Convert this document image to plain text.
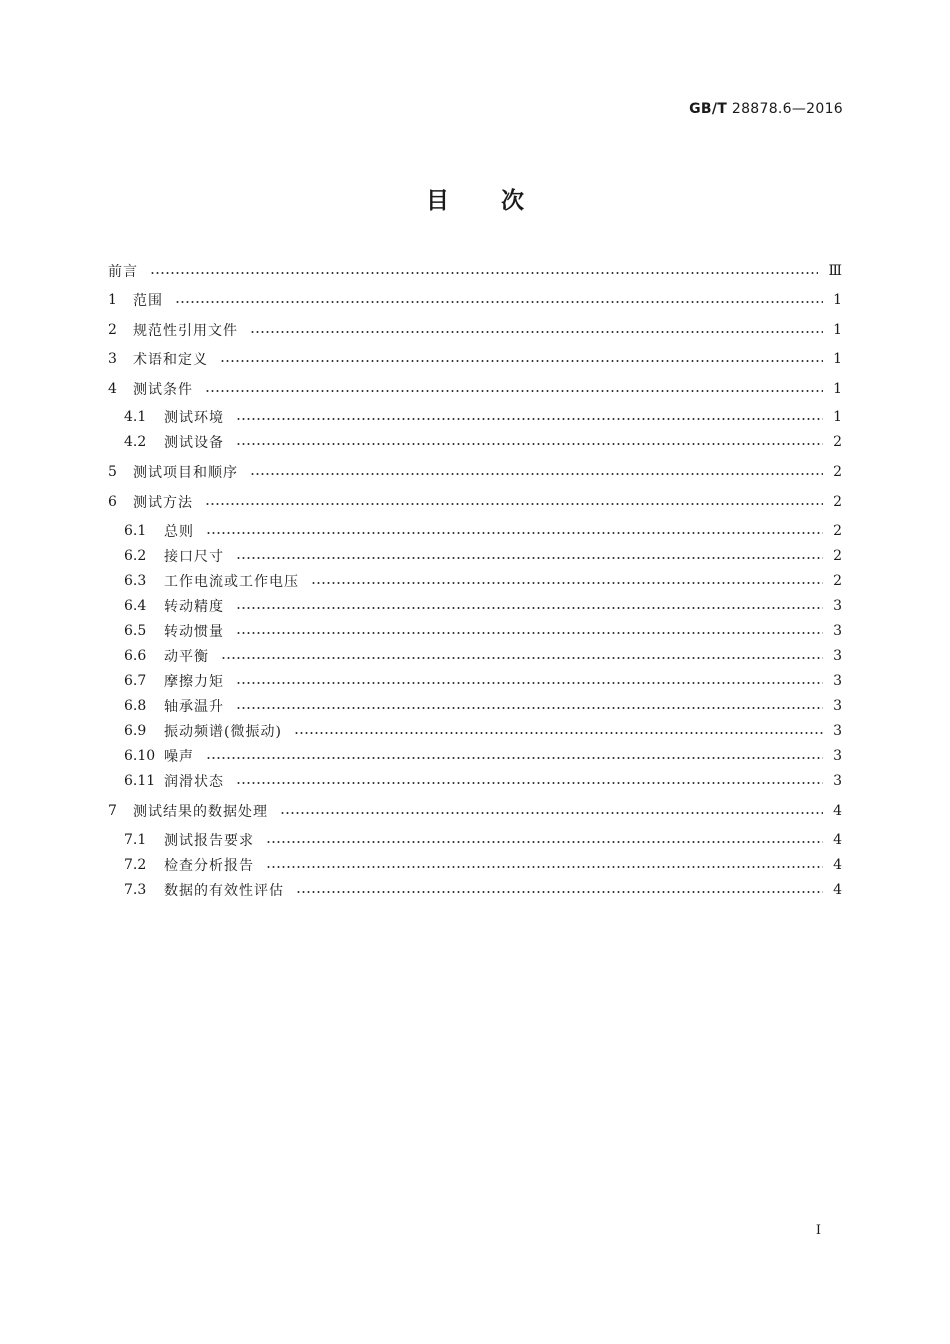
GB/T 28878.6—2016
目 次
前言	Ⅲ
1	范围	1
2	规范性引用文件	1
3	术语和定义	1
4	测试条件	1
4.1	测试环境	1
4.2	测试设备	2
5	测试项目和顺序	2
6	测试方法	2
6.1	总则	2
6.2	接口尺寸	2
6.3	工作电流或工作电压	2
6.4	转动精度	3
6.5	转动惯量	3
6.6	动平衡	3
6.7	摩擦力矩	3
6.8	轴承温升	3
6.9	振动频谱(微振动)	3
6.10 噪声	3
6.11 润滑状态	3
7	测试结果的数据处理	4
7.1	测试报告要求	4
7.2	检查分析报告	4
7.3	数据的有效性评估	4
I
